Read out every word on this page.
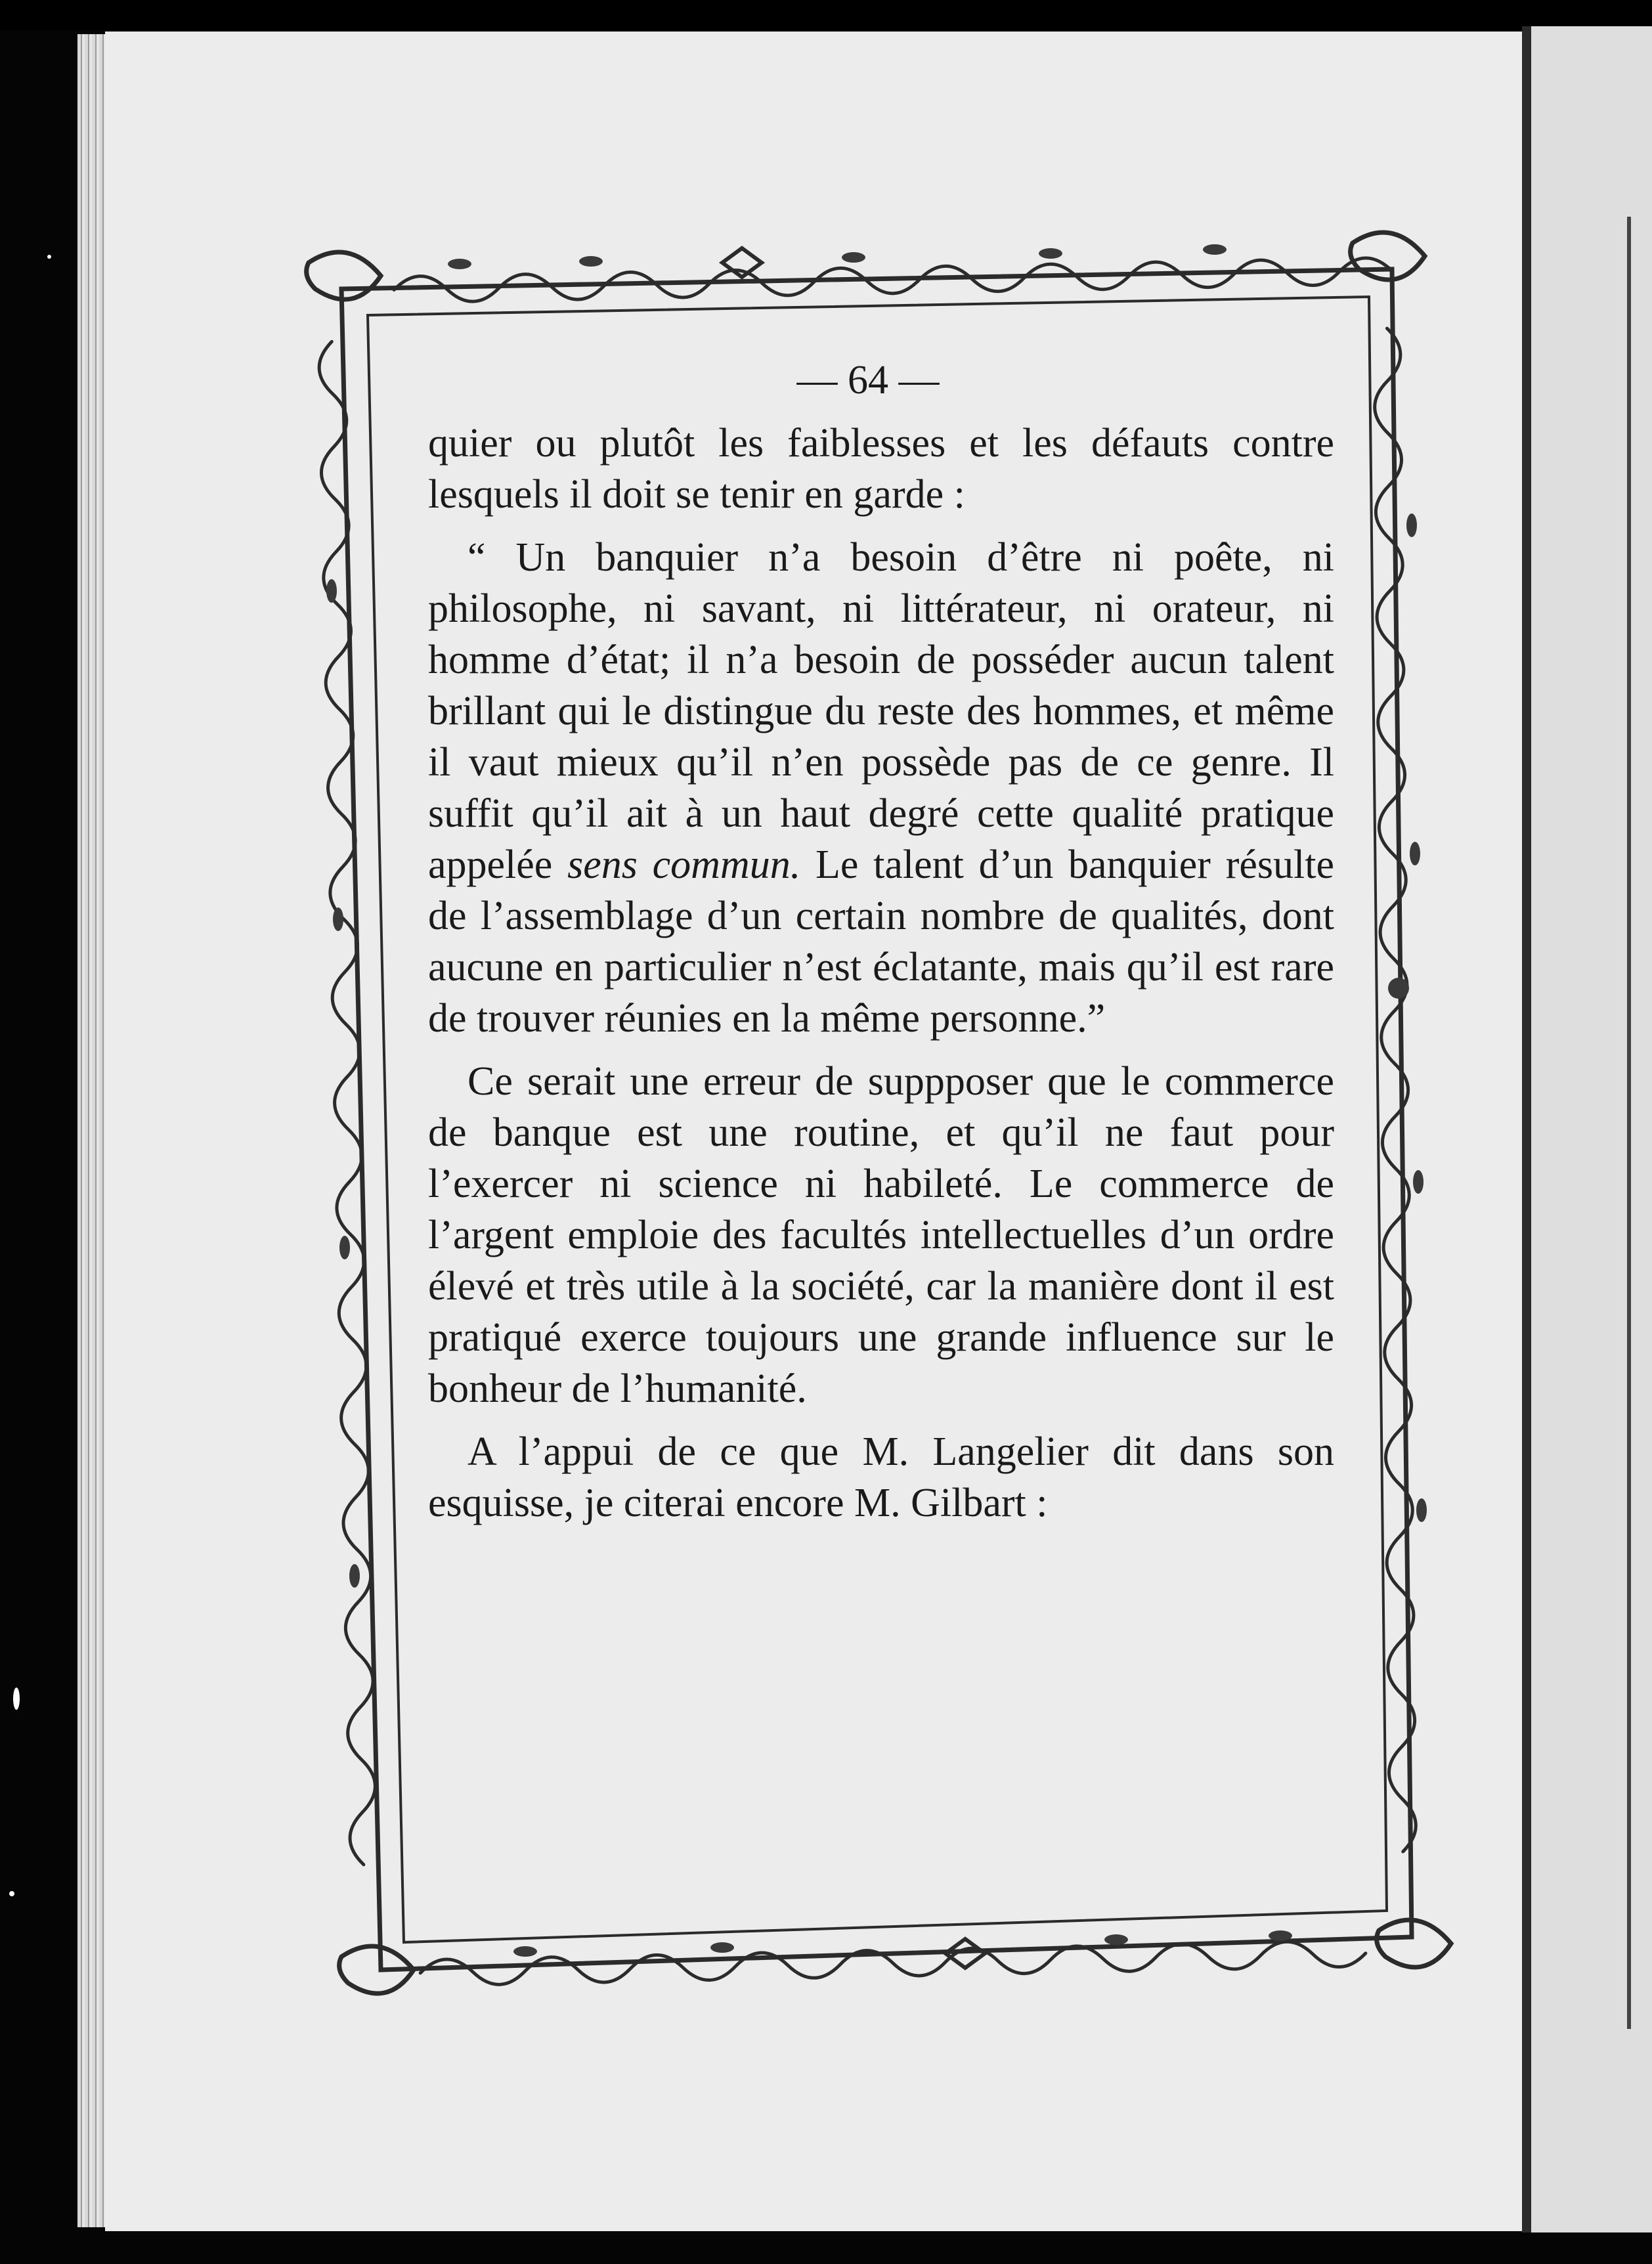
— 64 —

quier ou plutôt les faiblesses et les défauts contre lesquels il doit se tenir en garde :

“ Un banquier n’a besoin d’être ni poête, ni philosophe, ni savant, ni littérateur, ni orateur, ni homme d’état; il n’a besoin de posséder aucun talent brillant qui le distingue du reste des hommes, et même il vaut mieux qu’il n’en possède pas de ce genre. Il suffit qu’il ait à un haut degré cette qualité pratique appelée sens commun. Le talent d’un banquier résulte de l’assemblage d’un certain nombre de qualités, dont aucune en particulier n’est éclatante, mais qu’il est rare de trouver réunies en la même personne.”

Ce serait une erreur de suppposer que le commerce de banque est une routine, et qu’il ne faut pour l’exercer ni science ni habileté. Le commerce de l’argent emploie des facultés intellectuelles d’un ordre élevé et très utile à la société, car la manière dont il est pratiqué exerce toujours une grande influence sur le bonheur de l’humanité.

A l’appui de ce que M. Langelier dit dans son esquisse, je citerai encore M. Gilbart :
